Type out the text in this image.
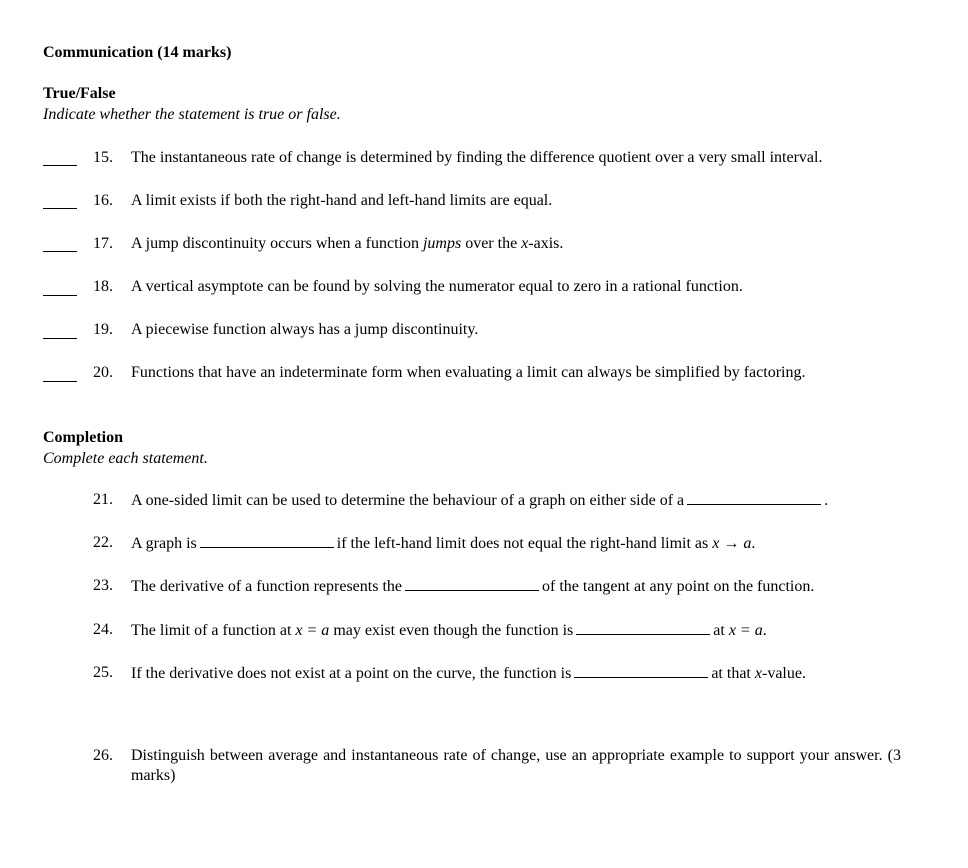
Communication (14 marks)
True/False
Indicate whether the statement is true or false.
15.	The instantaneous rate of change is determined by finding the difference quotient over a very small interval.
16.	A limit exists if both the right-hand and left-hand limits are equal.
17.	A jump discontinuity occurs when a function jumps over the x-axis.
18.	A vertical asymptote can be found by solving the numerator equal to zero in a rational function.
19.	A piecewise function always has a jump discontinuity.
20.	Functions that have an indeterminate form when evaluating a limit can always be simplified by factoring.
Completion
Complete each statement.
21.	A one-sided limit can be used to determine the behaviour of a graph on either side of a	.
22.	A graph is	if the left-hand limit does not equal the right-hand limit as x → a.
23.	The derivative of a function represents the	of the tangent at any point on the function.
24.	The limit of a function at x = a may exist even though the function is	at x = a.
25.	If the derivative does not exist at a point on the curve, the function is	at that x-value.
26.	Distinguish between average and instantaneous rate of change, use an appropriate example to support your answer. (3 marks)
